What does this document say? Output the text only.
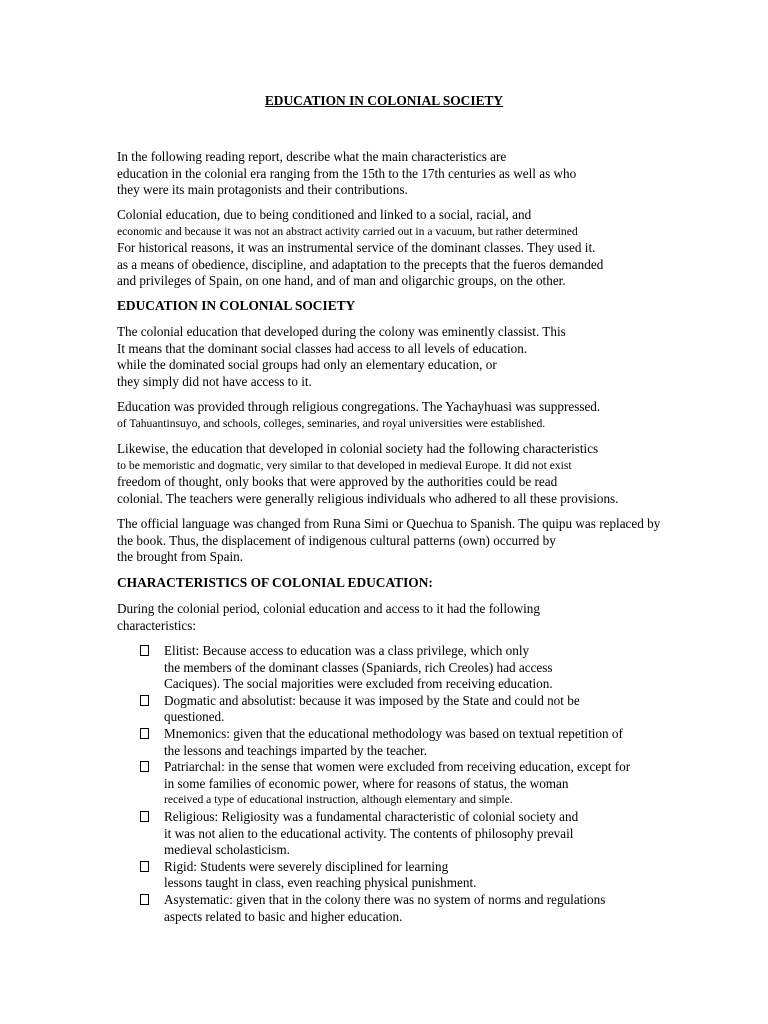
EDUCATION IN COLONIAL SOCIETY

In the following reading report, describe what the main characteristics are
education in the colonial era ranging from the 15th to the 17th centuries as well as who
they were its main protagonists and their contributions.

Colonial education, due to being conditioned and linked to a social, racial, and
economic and because it was not an abstract activity carried out in a vacuum, but rather determined
For historical reasons, it was an instrumental service of the dominant classes. They used it.
as a means of obedience, discipline, and adaptation to the precepts that the fueros demanded
and privileges of Spain, on one hand, and of man and oligarchic groups, on the other.

EDUCATION IN COLONIAL SOCIETY

The colonial education that developed during the colony was eminently classist. This
It means that the dominant social classes had access to all levels of education.
while the dominated social groups had only an elementary education, or
they simply did not have access to it.

Education was provided through religious congregations. The Yachayhuasi was suppressed.
of Tahuantinsuyo, and schools, colleges, seminaries, and royal universities were established.

Likewise, the education that developed in colonial society had the following characteristics
to be memoristic and dogmatic, very similar to that developed in medieval Europe. It did not exist
freedom of thought, only books that were approved by the authorities could be read
colonial. The teachers were generally religious individuals who adhered to all these provisions.

The official language was changed from Runa Simi or Quechua to Spanish. The quipu was replaced by
the book. Thus, the displacement of indigenous cultural patterns (own) occurred by
the brought from Spain.

CHARACTERISTICS OF COLONIAL EDUCATION:

During the colonial period, colonial education and access to it had the following
characteristics:

Elitist: Because access to education was a class privilege, which only
the members of the dominant classes (Spaniards, rich Creoles) had access
Caciques). The social majorities were excluded from receiving education.
Dogmatic and absolutist: because it was imposed by the State and could not be
questioned.
Mnemonics: given that the educational methodology was based on textual repetition of
the lessons and teachings imparted by the teacher.
Patriarchal: in the sense that women were excluded from receiving education, except for
in some families of economic power, where for reasons of status, the woman
received a type of educational instruction, although elementary and simple.
Religious: Religiosity was a fundamental characteristic of colonial society and
it was not alien to the educational activity. The contents of philosophy prevail
medieval scholasticism.
Rigid: Students were severely disciplined for learning
lessons taught in class, even reaching physical punishment.
Asystematic: given that in the colony there was no system of norms and regulations
aspects related to basic and higher education.
